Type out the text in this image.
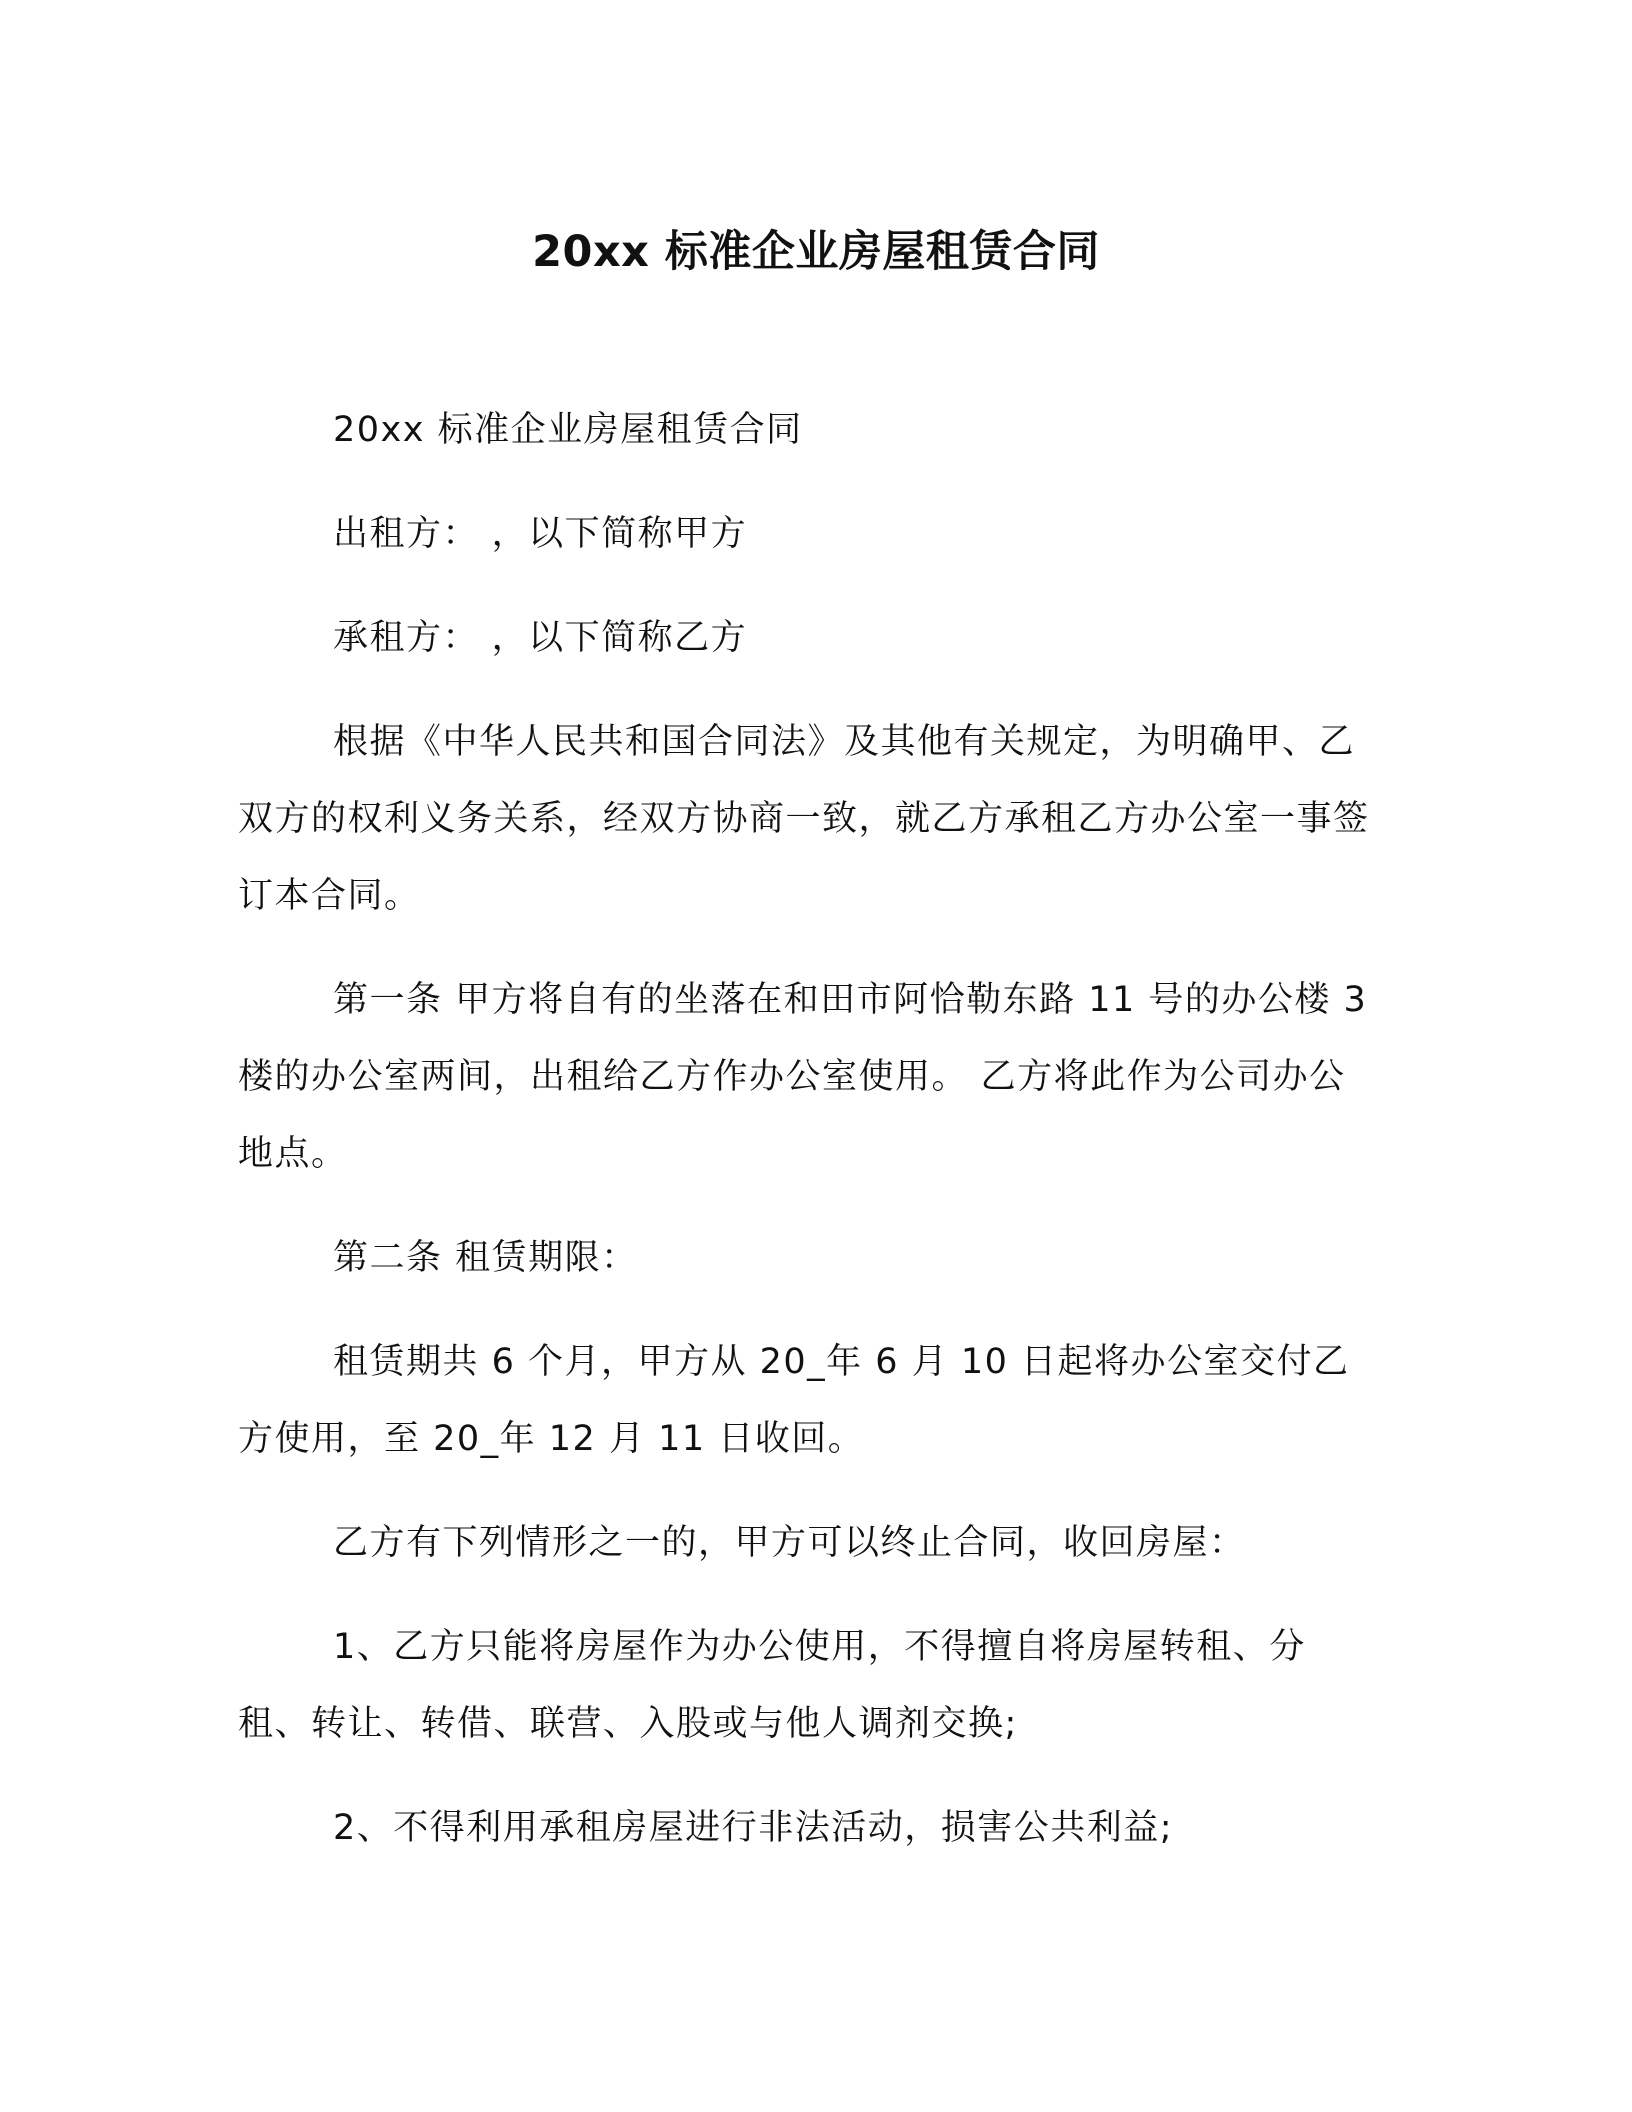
20xx 标准企业房屋租赁合同

20xx 标准企业房屋租赁合同

出租方： ，以下简称甲方

承租方： ，以下简称乙方

根据《中华人民共和国合同法》及其他有关规定，为明确甲、乙双方的权利义务关系，经双方协商一致，就乙方承租乙方办公室一事签订本合同。

第一条 甲方将自有的坐落在和田市阿恰勒东路 11 号的办公楼 3 楼的办公室两间，出租给乙方作办公室使用。 乙方将此作为公司办公地点。

第二条 租赁期限：

租赁期共 6 个月，甲方从 20_年 6 月 10 日起将办公室交付乙方使用，至 20_年 12 月 11 日收回。

乙方有下列情形之一的，甲方可以终止合同，收回房屋：

1、乙方只能将房屋作为办公使用，不得擅自将房屋转租、分租、转让、转借、联营、入股或与他人调剂交换;

2、不得利用承租房屋进行非法活动，损害公共利益;
